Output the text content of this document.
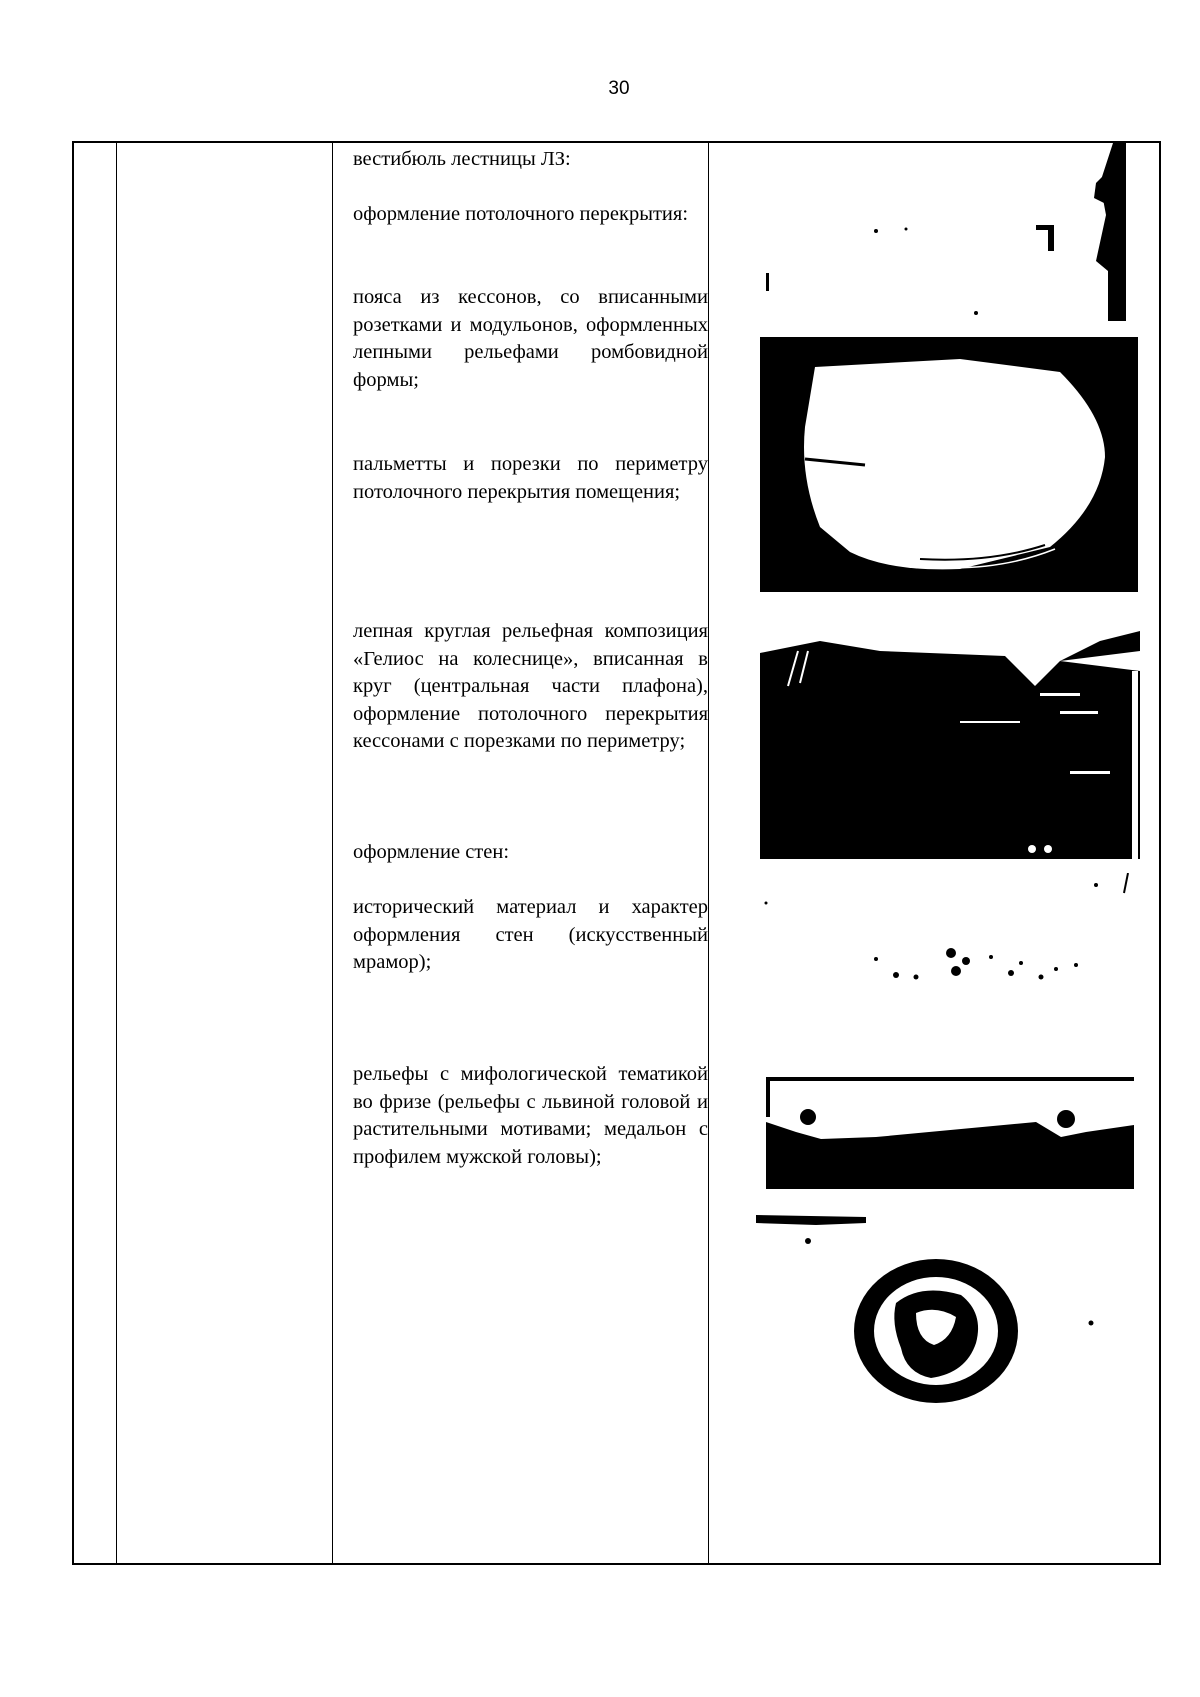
30
вестибюль лестницы ЛЗ:
оформление потолочного перекрытия:
пояса из кессонов, со вписанными розетками и модульонов, оформленных лепными рельефами ромбовидной формы;
пальметты и порезки по периметру потолочного перекрытия помещения;
лепная круглая рельефная композиция «Гелиос на колеснице», вписанная в круг (центральная части плафона), оформление потолочного перекрытия кессонами с порезками по периметру;
оформление стен:
исторический материал и характер оформления стен (искусственный мрамор);
рельефы с мифологической тематикой во фризе (рельефы с львиной головой и растительными мотивами; медальон с профилем мужской головы);
